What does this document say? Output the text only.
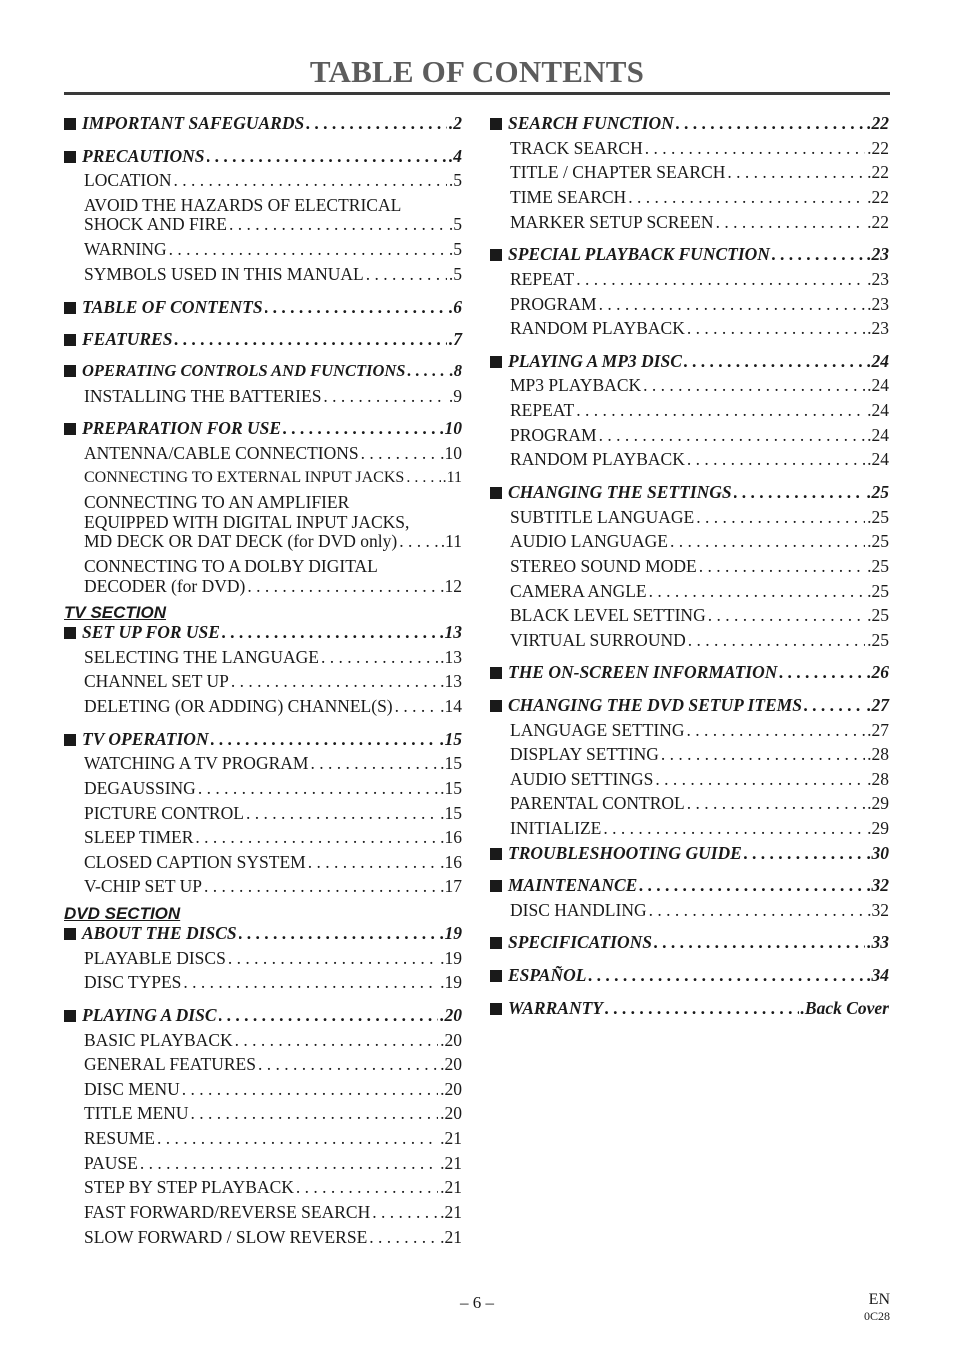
TABLE OF CONTENTS
IMPORTANT SAFEGUARDS . . .	.2
PRECAUTIONS . . .	.4
LOCATION . . .	.5
AVOID THE HAZARDS OF ELECTRICAL
SHOCK AND FIRE . . .	.5
WARNING . . .	.5
SYMBOLS USED IN THIS MANUAL . . .	.5
TABLE OF CONTENTS . . .	.6
FEATURES . . .	.7
OPERATING CONTROLS AND FUNCTIONS . . .	.8
INSTALLING THE BATTERIES . . .	.9
PREPARATION FOR USE . . .	.10
ANTENNA/CABLE CONNECTIONS . . .	.10
CONNECTING TO EXTERNAL INPUT JACKS . . . .11
CONNECTING TO AN AMPLIFIER
EQUIPPED WITH DIGITAL INPUT JACKS,
MD DECK OR DAT DECK (for DVD only) . . . .11
CONNECTING TO A DOLBY DIGITAL
DECODER (for DVD) . . .	.12
TV SECTION
SET UP FOR USE . . .	.13
SELECTING THE LANGUAGE . . .	.13
CHANNEL SET UP . . .	.13
DELETING (OR ADDING) CHANNEL(S) . . .	.14
TV OPERATION . . .	.15
WATCHING A TV PROGRAM . . .	.15
DEGAUSSING . . .	.15
PICTURE CONTROL . . .	.15
SLEEP TIMER . . .	.16
CLOSED CAPTION SYSTEM . . .	.16
V-CHIP SET UP . . .	.17
DVD SECTION
ABOUT THE DISCS . . .	.19
PLAYABLE DISCS . . .	.19
DISC TYPES . . .	.19
PLAYING A DISC . . .	.20
BASIC PLAYBACK . . .	.20
GENERAL FEATURES . . .	.20
DISC MENU . . .	.20
TITLE MENU . . .	.20
RESUME . . .	.21
PAUSE . . .	.21
STEP BY STEP PLAYBACK . . .	.21
FAST FORWARD/REVERSE SEARCH . . .	.21
SLOW FORWARD / SLOW REVERSE . . .	.21
SEARCH FUNCTION . . .	.22
TRACK SEARCH . . .	.22
TITLE / CHAPTER SEARCH . . .	.22
TIME SEARCH . . .	.22
MARKER SETUP SCREEN . . .	.22
SPECIAL PLAYBACK FUNCTION . . .	.23
REPEAT . . .	.23
PROGRAM . . .	.23
RANDOM PLAYBACK . . .	.23
PLAYING A MP3 DISC . . .	.24
MP3 PLAYBACK . . .	.24
REPEAT . . .	.24
PROGRAM . . .	.24
RANDOM PLAYBACK . . .	.24
CHANGING THE SETTINGS . . .	.25
SUBTITLE LANGUAGE . . .	.25
AUDIO LANGUAGE . . .	.25
STEREO SOUND MODE . . .	.25
CAMERA ANGLE . . .	.25
BLACK LEVEL SETTING . . .	.25
VIRTUAL SURROUND . . .	.25
THE ON-SCREEN INFORMATION . . .	.26
CHANGING THE DVD SETUP ITEMS . . .	.27
LANGUAGE SETTING . . .	.27
DISPLAY SETTING . . .	.28
AUDIO SETTINGS . . .	.28
PARENTAL CONTROL . . .	.29
INITIALIZE . . .	.29
TROUBLESHOOTING GUIDE . . .	.30
MAINTENANCE . . .	.32
DISC HANDLING . . .	.32
SPECIFICATIONS . . .	.33
ESPAÑOL . . .	.34
WARRANTY . . .	.Back Cover
– 6 –	EN
0C28
